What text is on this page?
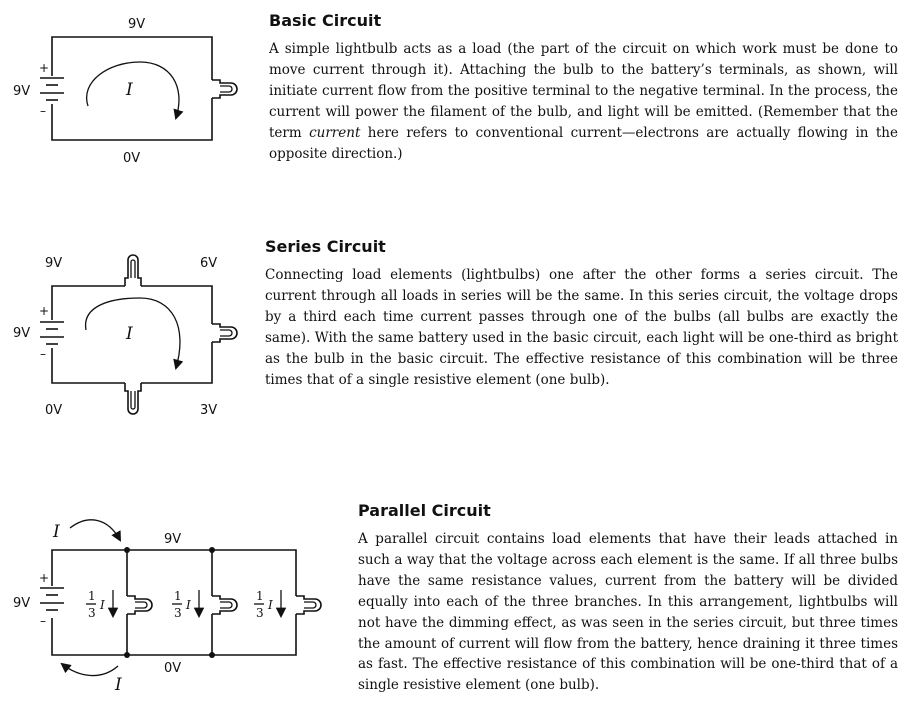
9V
9V
0V
I
+
–
Basic Circuit

A simple lightbulb acts as a load (the part of the circuit on which work must be done to move current through it). Attaching the bulb to the battery’s terminals, as shown, will initiate current flow from the positive terminal to the negative terminal. In the process, the current will power the filament of the bulb, and light will be emitted. (Remember that the term current here refers to conventional current—electrons are actually flowing in the opposite direction.)

9V	6V
9V
0V	3V
I
+
–
Series Circuit

Connecting load elements (lightbulbs) one after the other forms a series circuit. The current through all loads in series will be the same. In this series circuit, the voltage drops by a third each time current passes through one of the bulbs (all bulbs are exactly the same). With the same battery used in the basic circuit, each light will be one-third as bright as the bulb in the basic circuit. The effective resistance of this combination will be three times that of a single resistive element (one bulb).

1
3
I
1
3
I
1
3
I
I
I
9V
9V
0V
+
–
Parallel Circuit

A parallel circuit contains load elements that have their leads attached in such a way that the voltage across each element is the same. If all three bulbs have the same resistance values, current from the battery will be divided equally into each of the three branches. In this arrangement, lightbulbs will not have the dimming effect, as was seen in the series circuit, but three times the amount of current will flow from the battery, hence draining it three times as fast. The effective resistance of this combination will be one-third that of a single resistive element (one bulb).
